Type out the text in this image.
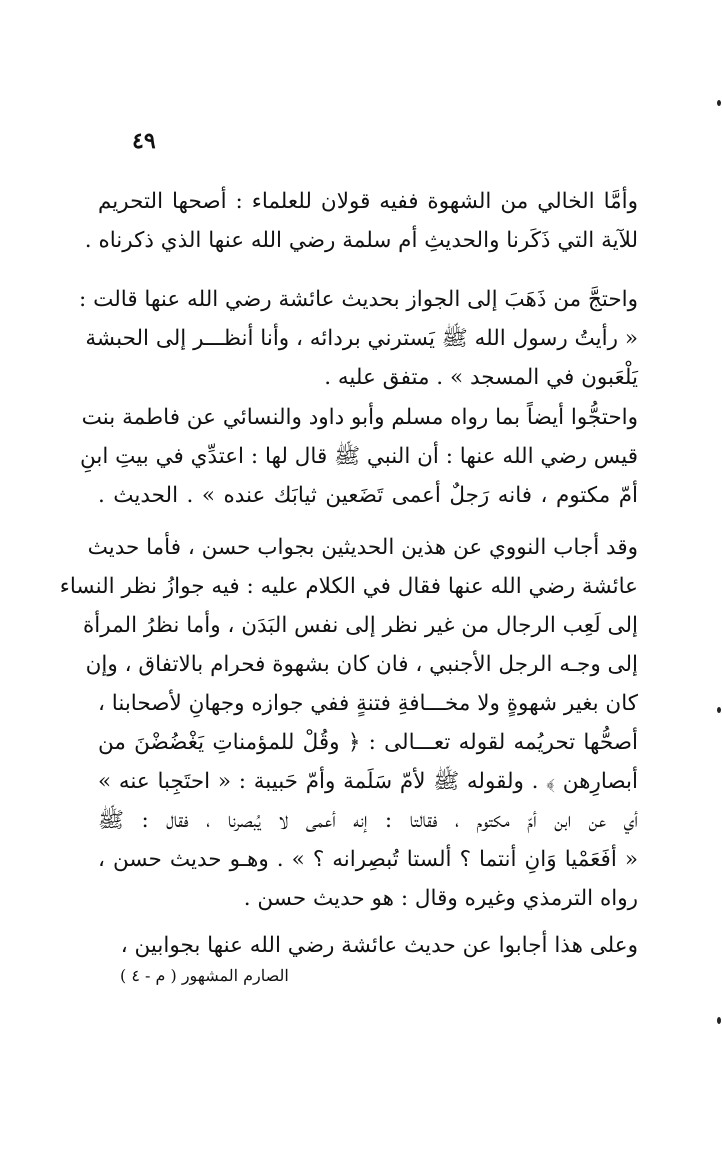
٤٩
وأمَّا الخالي من الشهوة ففيه قولان للعلماء : أصحها التحريم
للآية التي ذَكَرنا والحديثِ أم سلمة رضي الله عنها الذي ذكرناه .
واحتجَّ من ذَهَبَ إلى الجواز بحديث عائشة رضي الله عنها قالت :
« رأيتُ رسول الله ﷺ يَسترني بردائه ، وأنا أنظـــر إلى الحبشة
يَلْعَبون في المسجد » . متفق عليه .
واحتجُّوا أيضاً بما رواه مسلم وأبو داود والنسائي عن فاطمة بنت
قيس رضي الله عنها : أن النبي ﷺ قال لها : اعتدِّي في بيتِ ابنِ
أمّ مكتوم ، فانه رَجلٌ أعمى تَضَعين ثيابَك عنده » . الحديث .
وقد أجاب النووي عن هذين الحديثين بجواب حسن ، فأما حديث
عائشة رضي الله عنها فقال في الكلام عليه : فيه جوازُ نظر النساء
إلى لَعِب الرجال من غير نظر إلى نفس البَدَن ، وأما نظرُ المرأة
إلى وجـه الرجل الأجنبي ، فان كان بشهوة فحرام بالاتفاق ، وإن
كان بغير شهوةٍ ولا مخـــافةِ فتنةٍ ففي جوازه وجهانِ لأصحابنا ،
أصحُّها تحريُمه لقوله تعـــالى : ﴿ وقُلْ للمؤمناتِ يَغْضُضْنَ من
أبصارِهن ﴾ . ولقوله ﷺ لأمّ سَلَمة وأمّ حَبيبة : « احتَجِبا عنه »
أي عن ابن أمّ مكتوم ، فقالتا : إنه أعمى لا يُبصرنا ، فقال : ﷺ
« أفَعَمْيا وَانِ أنتما ؟ ألستا تُبصِرانه ؟ » . وهـو حديث حسن ،
رواه الترمذي وغيره وقال : هو حديث حسن .
وعلى هذا أجابوا عن حديث عائشة رضي الله عنها بجوابين ،
الصارم المشهور ( م - ٤ )
